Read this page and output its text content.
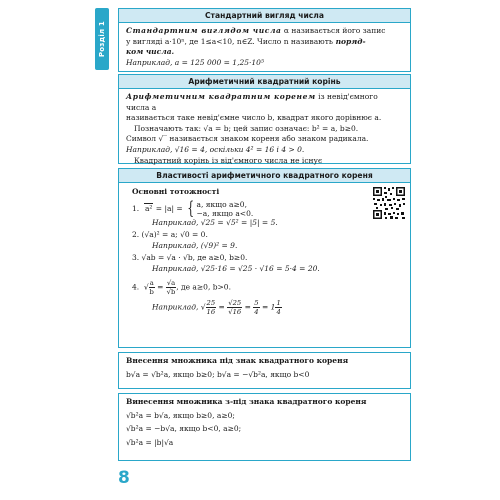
Розділ 1
Стандартний вигляд числа

Стандартним виглядом числа α називається його запис

у вигляді a·10ⁿ, де 1≤a<10, n∈Z. Число n називають поряд-

ком числа.

Наприклад, a = 125 000 = 1,25·10⁵

Арифметичний квадратний корінь

Арифметичним квадратним коренем із невід'ємного числа a

називається таке невід'ємне число b, квадрат якого дорівнює a.

Позначають так: √a = b; цей запис означає: b² = a, b≥0.

Символ √‾ називається знаком кореня або знаком радикала.

Наприклад, √16 = 4, оскільки 4² = 16 і 4 > 0.

Квадратний корінь із від'ємного числа не існує

Властивості арифметичного квадратного кореня

Основні тотожності

1.  a² = |a| = { a, якщо a≥0,
−a, якщо a<0.

Наприклад, √25 = √5² = |5| = 5.

2. (√a)² = a; √0 = 0.

Наприклад, (√9)² = 9.

3. √ab = √a · √b, де a≥0, b≥0.

Наприклад, √25·16 = √25 · √16 = 5·4 = 20.

4.  √ $\frac{a}{b} = \frac{√a}{√b}$ , де a≥0, b>0.

Наприклад, √ $\frac{25}{16} = \frac{√25}{√16} = \frac{5}{4} = 1 \frac{1}{4}$

Внесення множника під знак квадратного кореня

b√a = √b²a, якщо b≥0; b√a = −√b²a, якщо b<0

Винесення множника з-під знака квадратного кореня

√b²a = b√a, якщо b≥0, a≥0;

√b²a = −b√a, якщо b<0, a≥0;

√b²a = |b|√a

8
